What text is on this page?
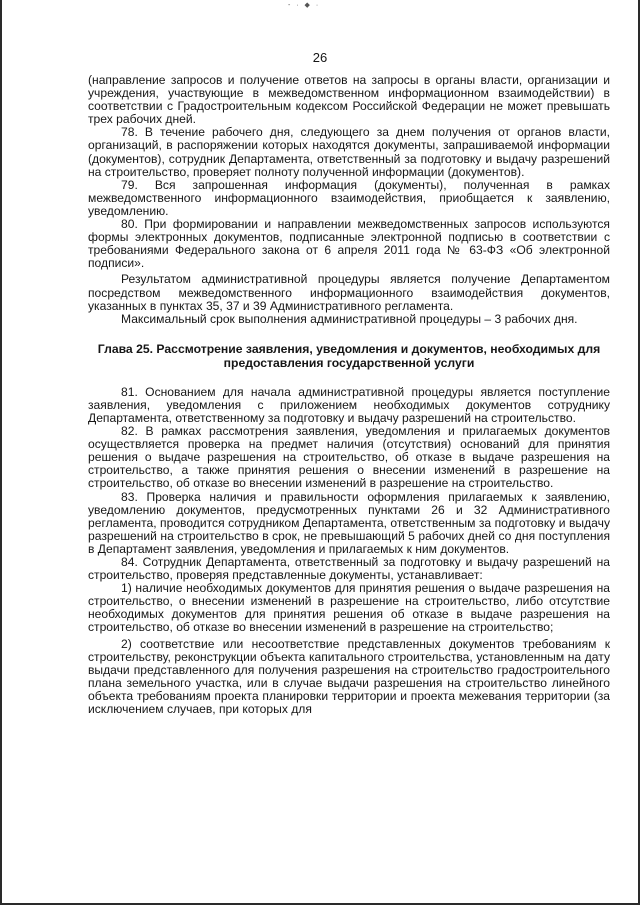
- · ◆ ·
26

(направление запросов и получение ответов на запросы в органы власти, организации и учреждения, участвующие в межведомственном информационном взаимодействии) в соответствии с Градостроительным кодексом Российской Федерации не может превышать трех рабочих дней.

78. В течение рабочего дня, следующего за днем получения от органов власти, организаций, в распоряжении которых находятся документы, запрашиваемой информации (документов), сотрудник Департамента, ответственный за подготовку и выдачу разрешений на строительство, проверяет полноту полученной информации (документов).

79. Вся запрошенная информация (документы), полученная в рамках межведомственного информационного взаимодействия, приобщается к заявлению, уведомлению.

80. При формировании и направлении межведомственных запросов используются формы электронных документов, подписанные электронной подписью в соответствии с требованиями Федерального закона от 6 апреля 2011 года № 63-ФЗ «Об электронной подписи».

Результатом административной процедуры является получение Департаментом посредством межведомственного информационного взаимодействия документов, указанных в пунктах 35, 37 и 39 Административного регламента.

Максимальный срок выполнения административной процедуры – 3 рабочих дня.

Глава 25. Рассмотрение заявления, уведомления и документов, необходимых для предоставления государственной услуги

81. Основанием для начала административной процедуры является поступление заявления, уведомления с приложением необходимых документов сотруднику Департамента, ответственному за подготовку и выдачу разрешений на строительство.

82. В рамках рассмотрения заявления, уведомления и прилагаемых документов осуществляется проверка на предмет наличия (отсутствия) оснований для принятия решения о выдаче разрешения на строительство, об отказе в выдаче разрешения на строительство, а также принятия решения о внесении изменений в разрешение на строительство, об отказе во внесении изменений в разрешение на строительство.

83. Проверка наличия и правильности оформления прилагаемых к заявлению, уведомлению документов, предусмотренных пунктами 26 и 32 Административного регламента, проводится сотрудником Департамента, ответственным за подготовку и выдачу разрешений на строительство в срок, не превышающий 5 рабочих дней со дня поступления в Департамент заявления, уведомления и прилагаемых к ним документов.

84. Сотрудник Департамента, ответственный за подготовку и выдачу разрешений на строительство, проверяя представленные документы, устанавливает:

1) наличие необходимых документов для принятия решения о выдаче разрешения на строительство, о внесении изменений в разрешение на строительство, либо отсутствие необходимых документов для принятия решения об отказе в выдаче разрешения на строительство, об отказе во внесении изменений в разрешение на строительство;

2) соответствие или несоответствие представленных документов требованиям к строительству, реконструкции объекта капитального строительства, установленным на дату выдачи представленного для получения разрешения на строительство градостроительного плана земельного участка, или в случае выдачи разрешения на строительство линейного объекта требованиям проекта планировки территории и проекта межевания территории (за исключением случаев, при которых для
